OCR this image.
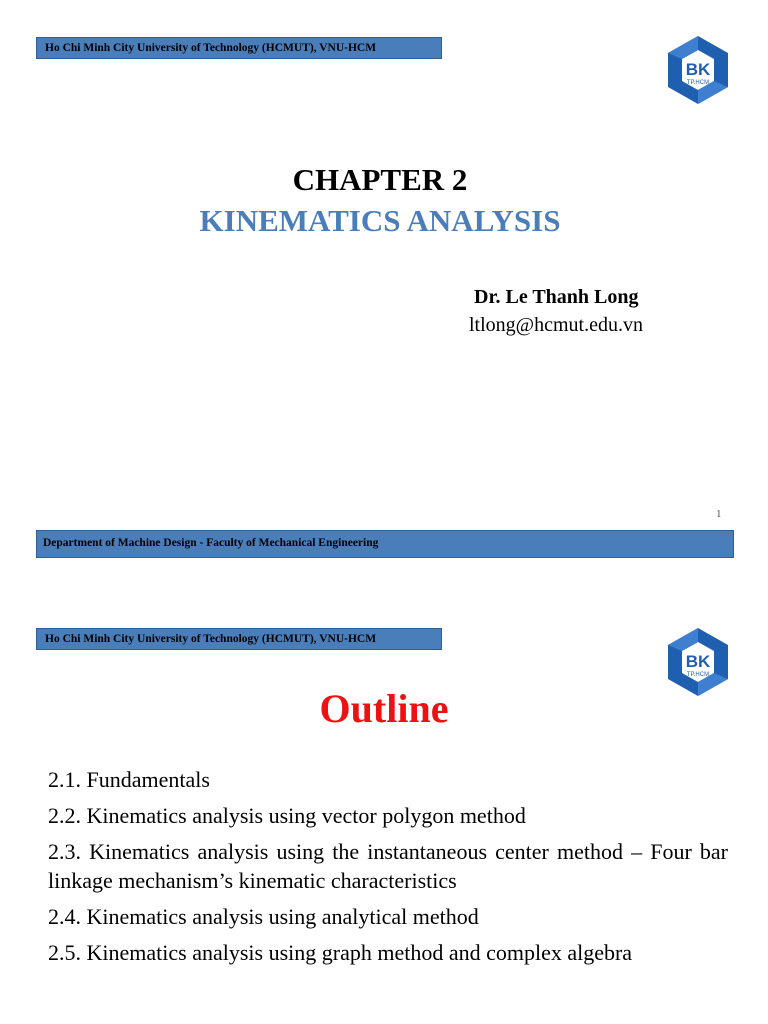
Ho Chi Minh City University of Technology (HCMUT), VNU-HCM
BK
TP.HCM
CHAPTER 2
KINEMATICS ANALYSIS
Dr. Le Thanh Long
ltlong@hcmut.edu.vn
1
Department of Machine Design - Faculty of Mechanical Engineering
Ho Chi Minh City University of Technology (HCMUT), VNU-HCM
BK
TP.HCM
Outline
2.1. Fundamentals
2.2. Kinematics analysis using vector polygon method
2.3. Kinematics analysis using the instantaneous center method – Four bar linkage mechanism’s kinematic characteristics
2.4. Kinematics analysis using analytical method
2.5. Kinematics analysis using graph method and complex algebra
